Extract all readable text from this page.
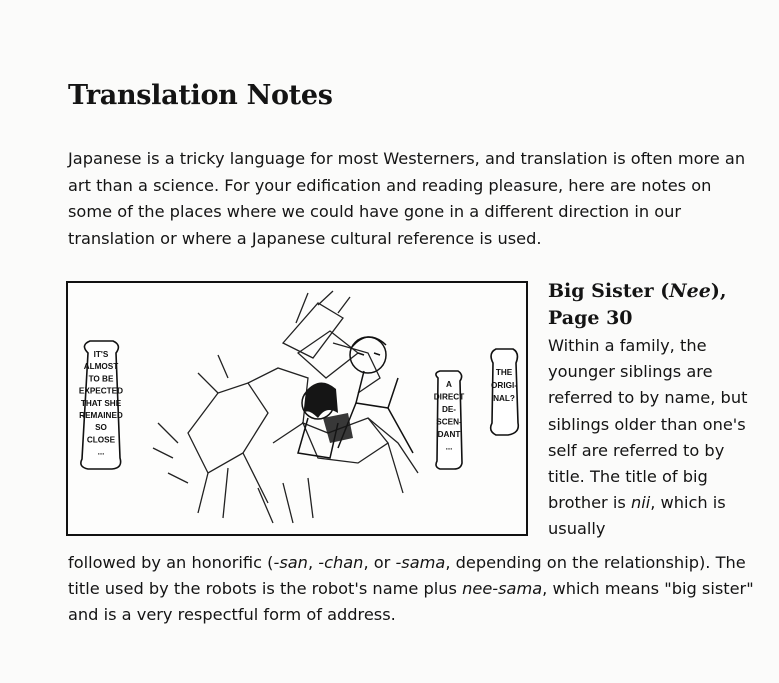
Translation Notes

Japanese is a tricky language for most Westerners, and translation is often more an art than a science. For your edification and reading pleasure, here are notes on some of the places where we could have gone in a different direction in our translation or where a Japanese cultural reference is used.

IT'S
ALMOST
TO BE
EXPECTED
THAT SHE
REMAINED
SO
CLOSE
...
A
DIRECT
DE-
SCEN-
DANT
...
THE
ORIGI-
NAL?
Big Sister (Nee),
Page 30

Within a family, the younger siblings are referred to by name, but siblings older than one's self are referred to by title. The title of big brother is nii, which is usually

followed by an honorific (-san, -chan, or -sama, depending on the relationship). The title used by the robots is the robot's name plus nee-sama, which means "big sister" and is a very respectful form of address.
